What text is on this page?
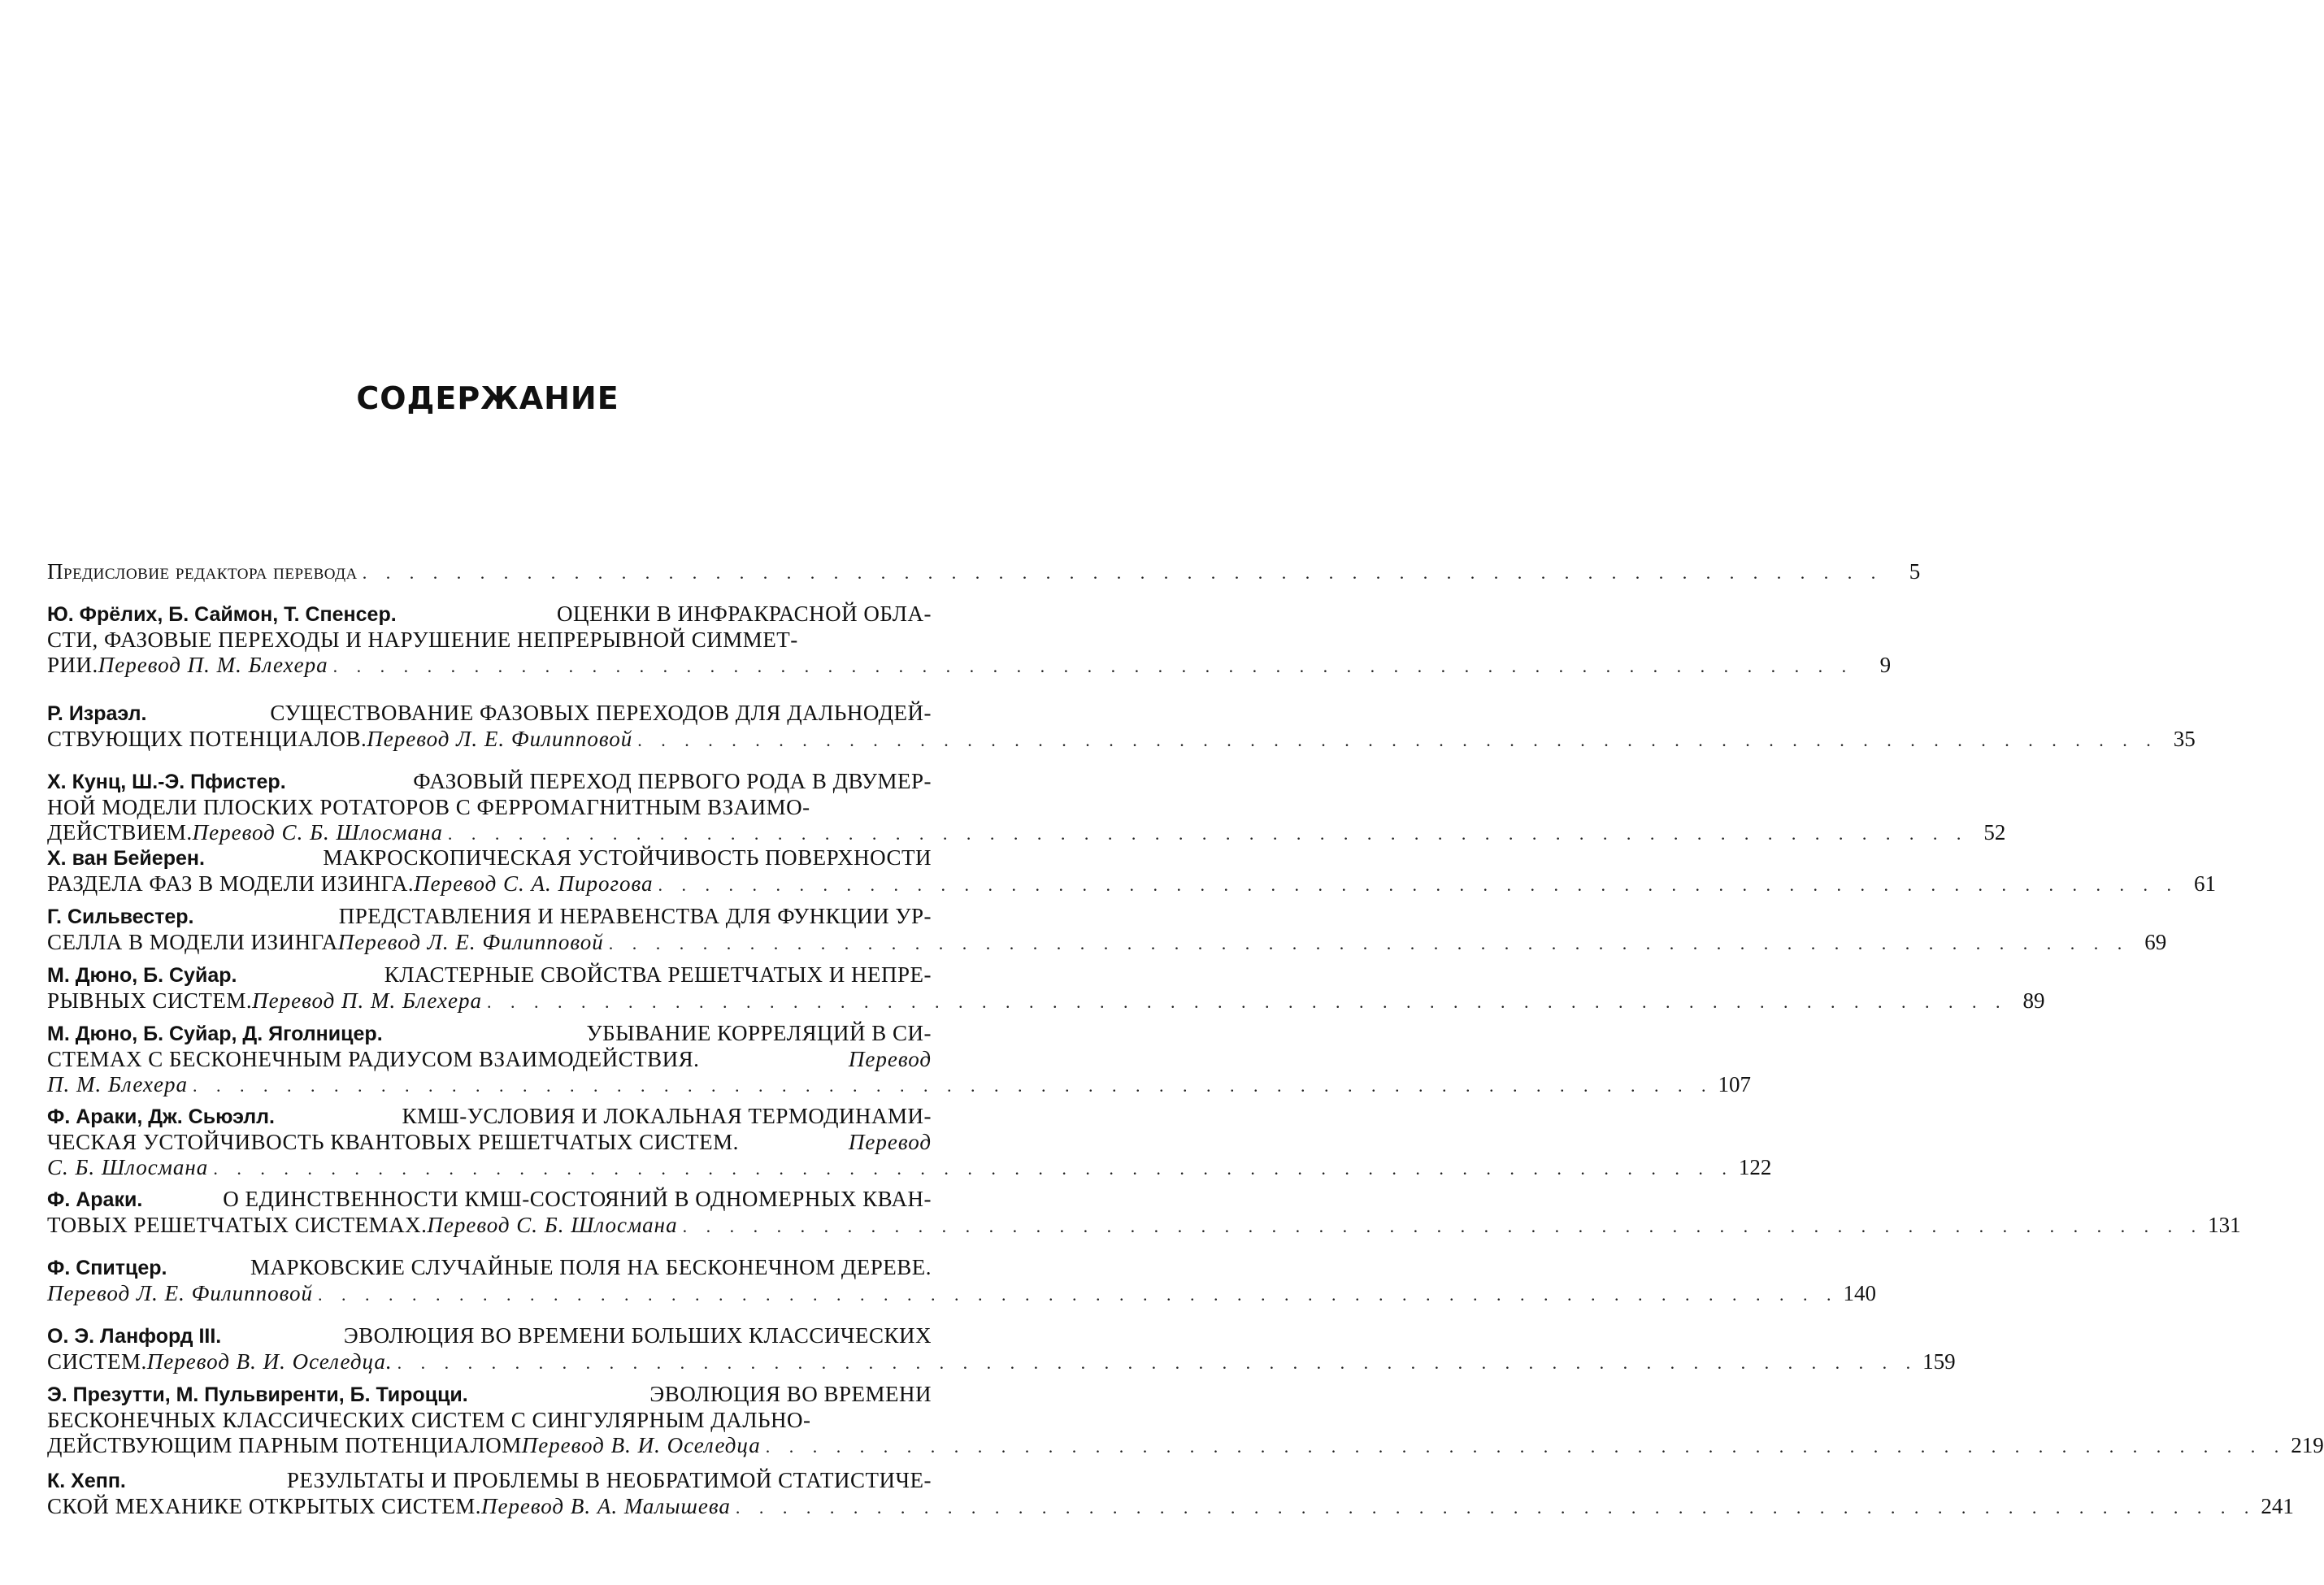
СОДЕРЖАНИЕ
Предисловие редактора перевода . . . . . . . . . . . . . . . . . . . . . . . . . . . . . . . . . . . . . . . . . . . . . . . . . . . . . . . . . . . . . . . . .	5
Ю. Фрёлих, Б. Саймон, Т. Спенсер.	ОЦЕНКИ В ИНФРАКРАСНОЙ ОБЛА-
СТИ, ФАЗОВЫЕ ПЕРЕХОДЫ И НАРУШЕНИЕ НЕПРЕРЫВНОЙ СИММЕТ-
РИИ. Перевод П. М. Блехера . . . . . . . . . . . . . . . . . . . . . . . . . . . . . . . . . . . . . . . . . . . . . . . . . . . . . . . . . . . . . . . . .	9
Р. Израэл.	СУЩЕСТВОВАНИЕ ФАЗОВЫХ ПЕРЕХОДОВ ДЛЯ ДАЛЬНОДЕЙ-
СТВУЮЩИХ ПОТЕНЦИАЛОВ. Перевод Л. Е. Филипповой . . . . . . . . . . . . . . . . . . . . . . . . . . . . . . . . . . . . . . . . . . . . . . . . . . . . . . . . . . . . . . . . . 35
Х. Кунц, Ш.-Э. Пфистер.	ФАЗОВЫЙ ПЕРЕХОД ПЕРВОГО РОДА В ДВУМЕР-
НОЙ МОДЕЛИ ПЛОСКИХ РОТАТОРОВ С ФЕРРОМАГНИТНЫМ ВЗАИМО-
ДЕЙСТВИЕМ. Перевод С. Б. Шлосмана . . . . . . . . . . . . . . . . . . . . . . . . . . . . . . . . . . . . . . . . . . . . . . . . . . . . . . . . . . . . . . . . . 52
Х. ван Бейерен.	МАКРОСКОПИЧЕСКАЯ УСТОЙЧИВОСТЬ ПОВЕРХНОСТИ
РАЗДЕЛА ФАЗ В МОДЕЛИ ИЗИНГА. Перевод С. А. Пирогова . . . . . . . . . . . . . . . . . . . . . . . . . . . . . . . . . . . . . . . . . . . . . . . . . . . . . . . . . . . . . . . . . 61
Г. Сильвестер.	ПРЕДСТАВЛЕНИЯ И НЕРАВЕНСТВА ДЛЯ ФУНКЦИИ УР-
СЕЛЛА В МОДЕЛИ ИЗИНГА Перевод Л. Е. Филипповой . . . . . . . . . . . . . . . . . . . . . . . . . . . . . . . . . . . . . . . . . . . . . . . . . . . . . . . . . . . . . . . . . 69
М. Дюно, Б. Суйар.	КЛАСТЕРНЫЕ СВОЙСТВА РЕШЕТЧАТЫХ И НЕПРЕ-
РЫВНЫХ СИСТЕМ. Перевод П. М. Блехера . . . . . . . . . . . . . . . . . . . . . . . . . . . . . . . . . . . . . . . . . . . . . . . . . . . . . . . . . . . . . . . . . 89
М. Дюно, Б. Суйар, Д. Яголницер.	УБЫВАНИЕ КОРРЕЛЯЦИЙ В СИ-
СТЕМАХ С БЕСКОНЕЧНЫМ РАДИУСОМ ВЗАИМОДЕЙСТВИЯ.	Перевод
П. М. Блехера . . . . . . . . . . . . . . . . . . . . . . . . . . . . . . . . . . . . . . . . . . . . . . . . . . . . . . . . . . . . . . . . . 107
Ф. Араки, Дж. Сьюэлл.	КМШ-УСЛОВИЯ И ЛОКАЛЬНАЯ ТЕРМОДИНАМИ-
ЧЕСКАЯ УСТОЙЧИВОСТЬ КВАНТОВЫХ РЕШЕТЧАТЫХ СИСТЕМ.	Перевод
С. Б. Шлосмана . . . . . . . . . . . . . . . . . . . . . . . . . . . . . . . . . . . . . . . . . . . . . . . . . . . . . . . . . . . . . . . . . 122
Ф. Араки.	О ЕДИНСТВЕННОСТИ КМШ-СОСТОЯНИЙ В ОДНОМЕРНЫХ КВАН-
ТОВЫХ РЕШЕТЧАТЫХ СИСТЕМАХ. Перевод С. Б. Шлосмана . . . . . . . . . . . . . . . . . . . . . . . . . . . . . . . . . . . . . . . . . . . . . . . . . . . . . . . . . . . . . . . . . 131
Ф. Спитцер.	МАРКОВСКИЕ СЛУЧАЙНЫЕ ПОЛЯ НА БЕСКОНЕЧНОМ ДЕРЕВЕ.
Перевод Л. Е. Филипповой . . . . . . . . . . . . . . . . . . . . . . . . . . . . . . . . . . . . . . . . . . . . . . . . . . . . . . . . . . . . . . . . . 140
О. Э. Ланфорд III.	ЭВОЛЮЦИЯ ВО ВРЕМЕНИ БОЛЬШИХ КЛАССИЧЕСКИХ
СИСТЕМ. Перевод В. И. Оселедца. . . . . . . . . . . . . . . . . . . . . . . . . . . . . . . . . . . . . . . . . . . . . . . . . . . . . . . . . . . . . . . . . . 159
Э. Презутти, М. Пульвиренти, Б. Тироцци.	ЭВОЛЮЦИЯ ВО ВРЕМЕНИ
БЕСКОНЕЧНЫХ КЛАССИЧЕСКИХ СИСТЕМ С СИНГУЛЯРНЫМ ДАЛЬНО-
ДЕЙСТВУЮЩИМ ПАРНЫМ ПОТЕНЦИАЛОМ Перевод В. И. Оселедца . . . . . . . . . . . . . . . . . . . . . . . . . . . . . . . . . . . . . . . . . . . . . . . . . . . . . . . . . . . . . . . . . 219
К. Хепп.	РЕЗУЛЬТАТЫ И ПРОБЛЕМЫ В НЕОБРАТИМОЙ СТАТИСТИЧЕ-
СКОЙ МЕХАНИКЕ ОТКРЫТЫХ СИСТЕМ. Перевод В. А. Малышева . . . . . . . . . . . . . . . . . . . . . . . . . . . . . . . . . . . . . . . . . . . . . . . . . . . . . . . . . . . . . . . . . 241
